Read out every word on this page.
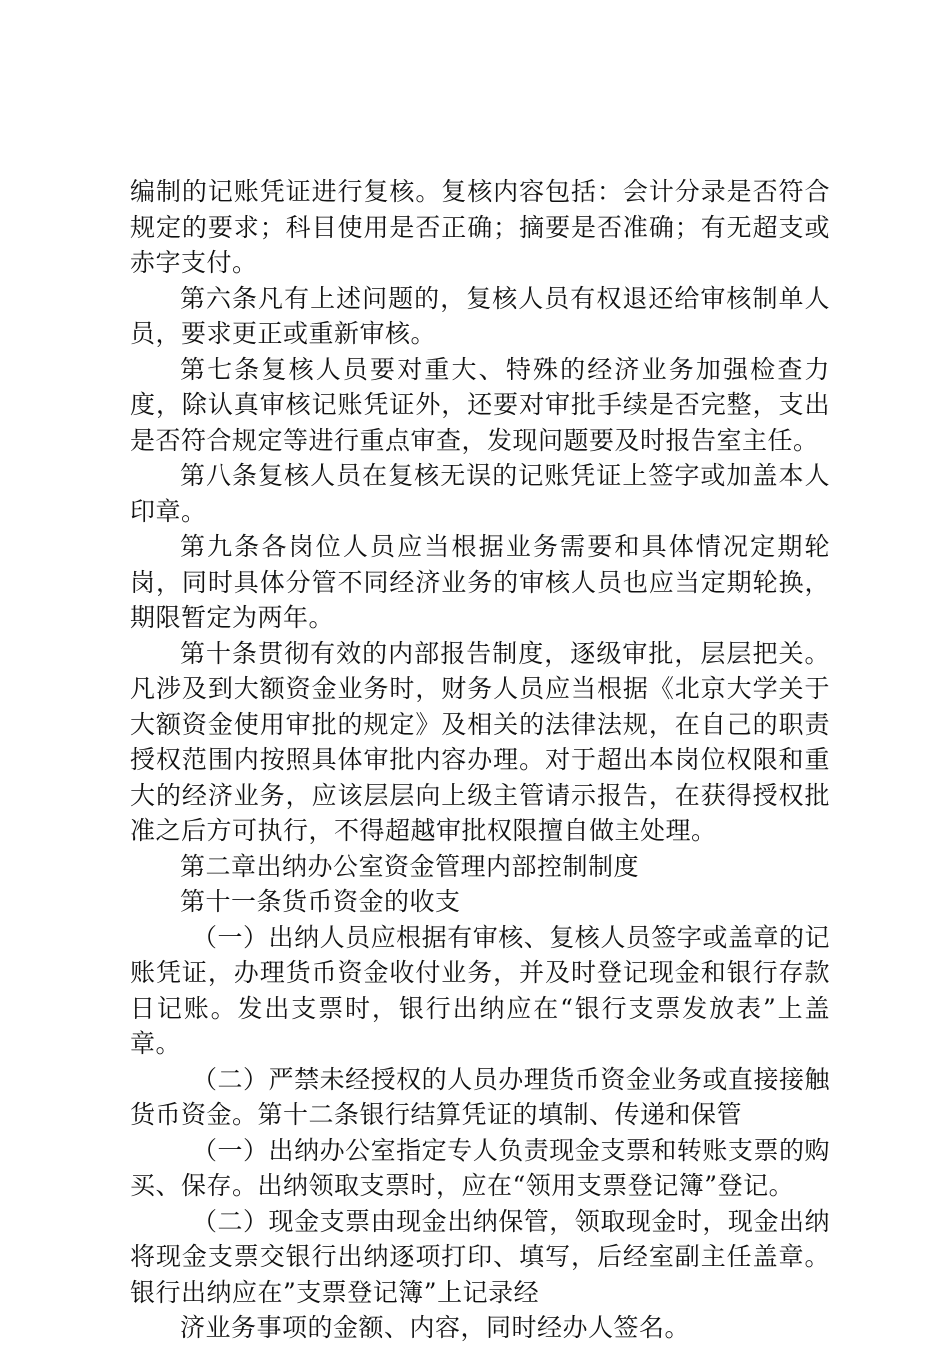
编制的记账凭证进行复核。复核内容包括：会计分录是否符合规定的要求；科目使用是否正确；摘要是否准确；有无超支或赤字支付。

第六条凡有上述问题的，复核人员有权退还给审核制单人员，要求更正或重新审核。

第七条复核人员要对重大、特殊的经济业务加强检查力度，除认真审核记账凭证外，还要对审批手续是否完整，支出是否符合规定等进行重点审查，发现问题要及时报告室主任。

第八条复核人员在复核无误的记账凭证上签字或加盖本人印章。

第九条各岗位人员应当根据业务需要和具体情况定期轮岗，同时具体分管不同经济业务的审核人员也应当定期轮换，期限暂定为两年。

第十条贯彻有效的内部报告制度，逐级审批，层层把关。凡涉及到大额资金业务时，财务人员应当根据《北京大学关于大额资金使用审批的规定》及相关的法律法规，在自己的职责授权范围内按照具体审批内容办理。对于超出本岗位权限和重大的经济业务，应该层层向上级主管请示报告，在获得授权批准之后方可执行，不得超越审批权限擅自做主处理。

第二章出纳办公室资金管理内部控制制度

第十一条货币资金的收支

（一）出纳人员应根据有审核、复核人员签字或盖章的记账凭证，办理货币资金收付业务，并及时登记现金和银行存款日记账。发出支票时，银行出纳应在“银行支票发放表”上盖章。

（二）严禁未经授权的人员办理货币资金业务或直接接触货币资金。第十二条银行结算凭证的填制、传递和保管

（一）出纳办公室指定专人负责现金支票和转账支票的购买、保存。出纳领取支票时，应在“领用支票登记簿”登记。

（二）现金支票由现金出纳保管，领取现金时，现金出纳将现金支票交银行出纳逐项打印、填写，后经室副主任盖章。银行出纳应在”支票登记簿”上记录经

济业务事项的金额、内容，同时经办人签名。
